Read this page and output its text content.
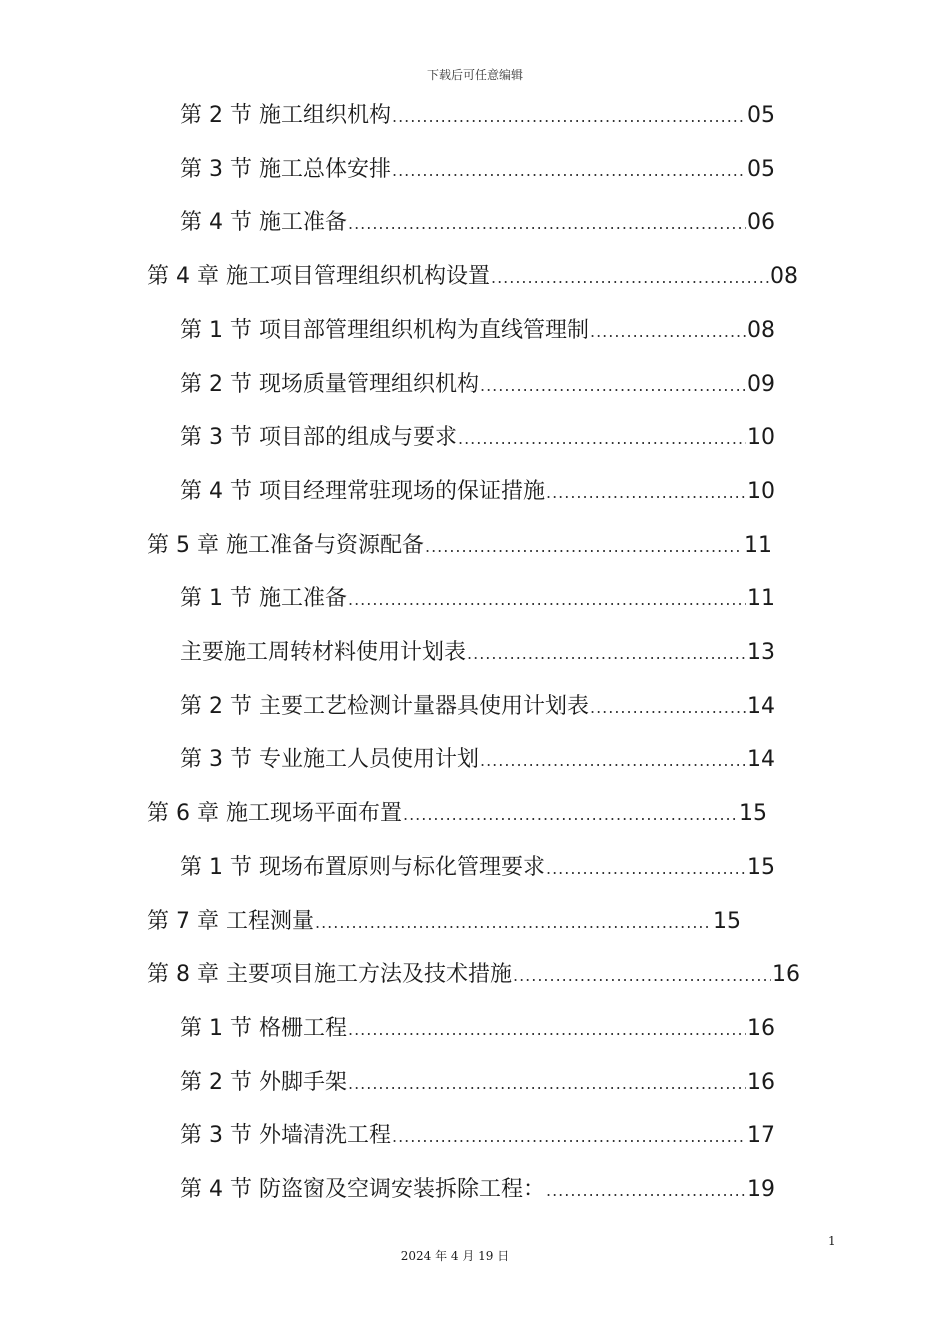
下载后可任意编辑
第 2 节 施工组织机构 .....	05
第 3 节 施工总体安排 .....	05
第 4 节 施工准备 .....	06
第 4 章 施工项目管理组织机构设置 .....	08
第 1 节 项目部管理组织机构为直线管理制 .....	08
第 2 节 现场质量管理组织机构 .....	09
第 3 节 项目部的组成与要求 .....	10
第 4 节 项目经理常驻现场的保证措施 .....	10
第 5 章 施工准备与资源配备 .....	11
第 1 节 施工准备 .....	11
主要施工周转材料使用计划表 .....	13
第 2 节 主要工艺检测计量器具使用计划表 .....	14
第 3 节 专业施工人员使用计划 .....	14
第 6 章 施工现场平面布置 .....	15
第 1 节 现场布置原则与标化管理要求 .....	15
第 7 章 工程测量 .....	15
第 8 章 主要项目施工方法及技术措施 .....	16
第 1 节 格栅工程 .....	16
第 2 节 外脚手架 .....	16
第 3 节 外墙清洗工程 .....	17
第 4 节 防盗窗及空调安装拆除工程： .....	19
1
2024 年 4 月 19 日
